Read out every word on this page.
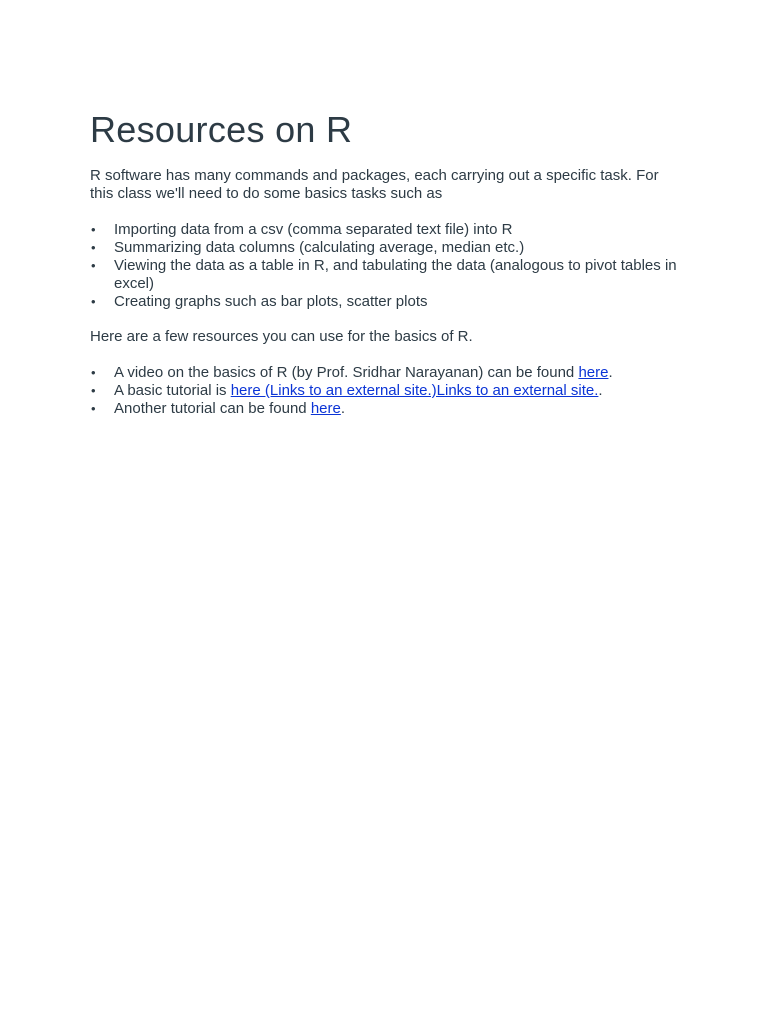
Resources on R

R software has many commands and packages, each carrying out a specific task. For this class we'll need to do some basics tasks such as

• Importing data from a csv (comma separated text file) into R
• Summarizing data columns (calculating average, median etc.)
• Viewing the data as a table in R, and tabulating the data (analogous to pivot tables in excel)
• Creating graphs such as bar plots, scatter plots

Here are a few resources you can use for the basics of R.

• A video on the basics of R (by Prof. Sridhar Narayanan) can be found here.
• A basic tutorial is here (Links to an external site.)Links to an external site..
• Another tutorial can be found here.
